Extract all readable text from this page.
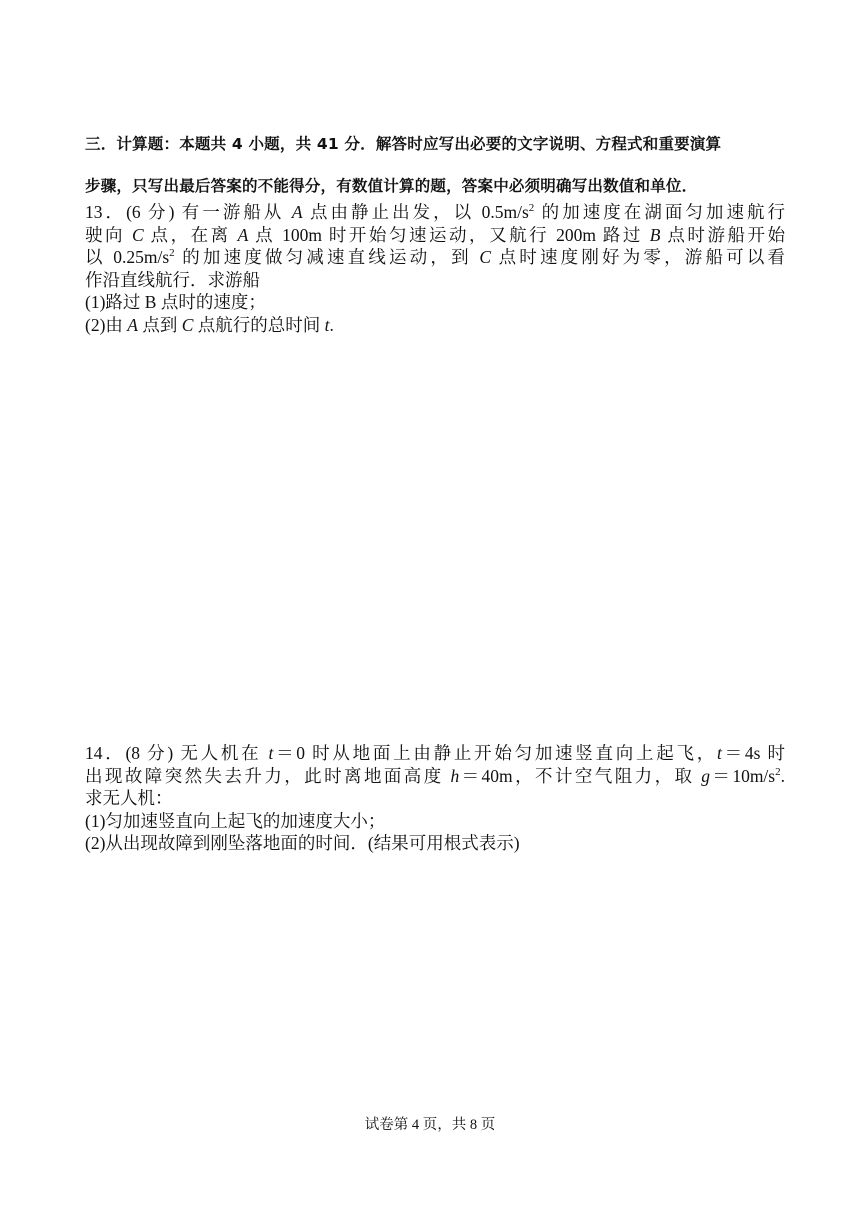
三．计算题：本题共 4 小题，共 41 分．解答时应写出必要的文字说明、方程式和重要演算
步骤，只写出最后答案的不能得分，有数值计算的题，答案中必须明确写出数值和单位．

13．(6 分) 有一游船从 A 点由静止出发，以 $0.5m/s^2$ 的加速度在湖面匀加速航行

驶向 C 点，在离 A 点 100m 时开始匀速运动，又航行 200m 路过 B 点时游船开始

以 $0.25m/s^2$ 的加速度做匀减速直线运动，到 C 点时速度刚好为零，游船可以看

作沿直线航行．求游船

(1)路过 B 点时的速度；

(2)由 A 点到 C 点航行的总时间 t.

14．(8 分) 无人机在 t＝0 时从地面上由静止开始匀加速竖直向上起飞，t＝4s 时

出现故障突然失去升力，此时离地面高度 h＝40m，不计空气阻力，取 $g=10m/s^2$.

求无人机：

(1)匀加速竖直向上起飞的加速度大小；

(2)从出现故障到刚坠落地面的时间．(结果可用根式表示)

试卷第 4 页，共 8 页
